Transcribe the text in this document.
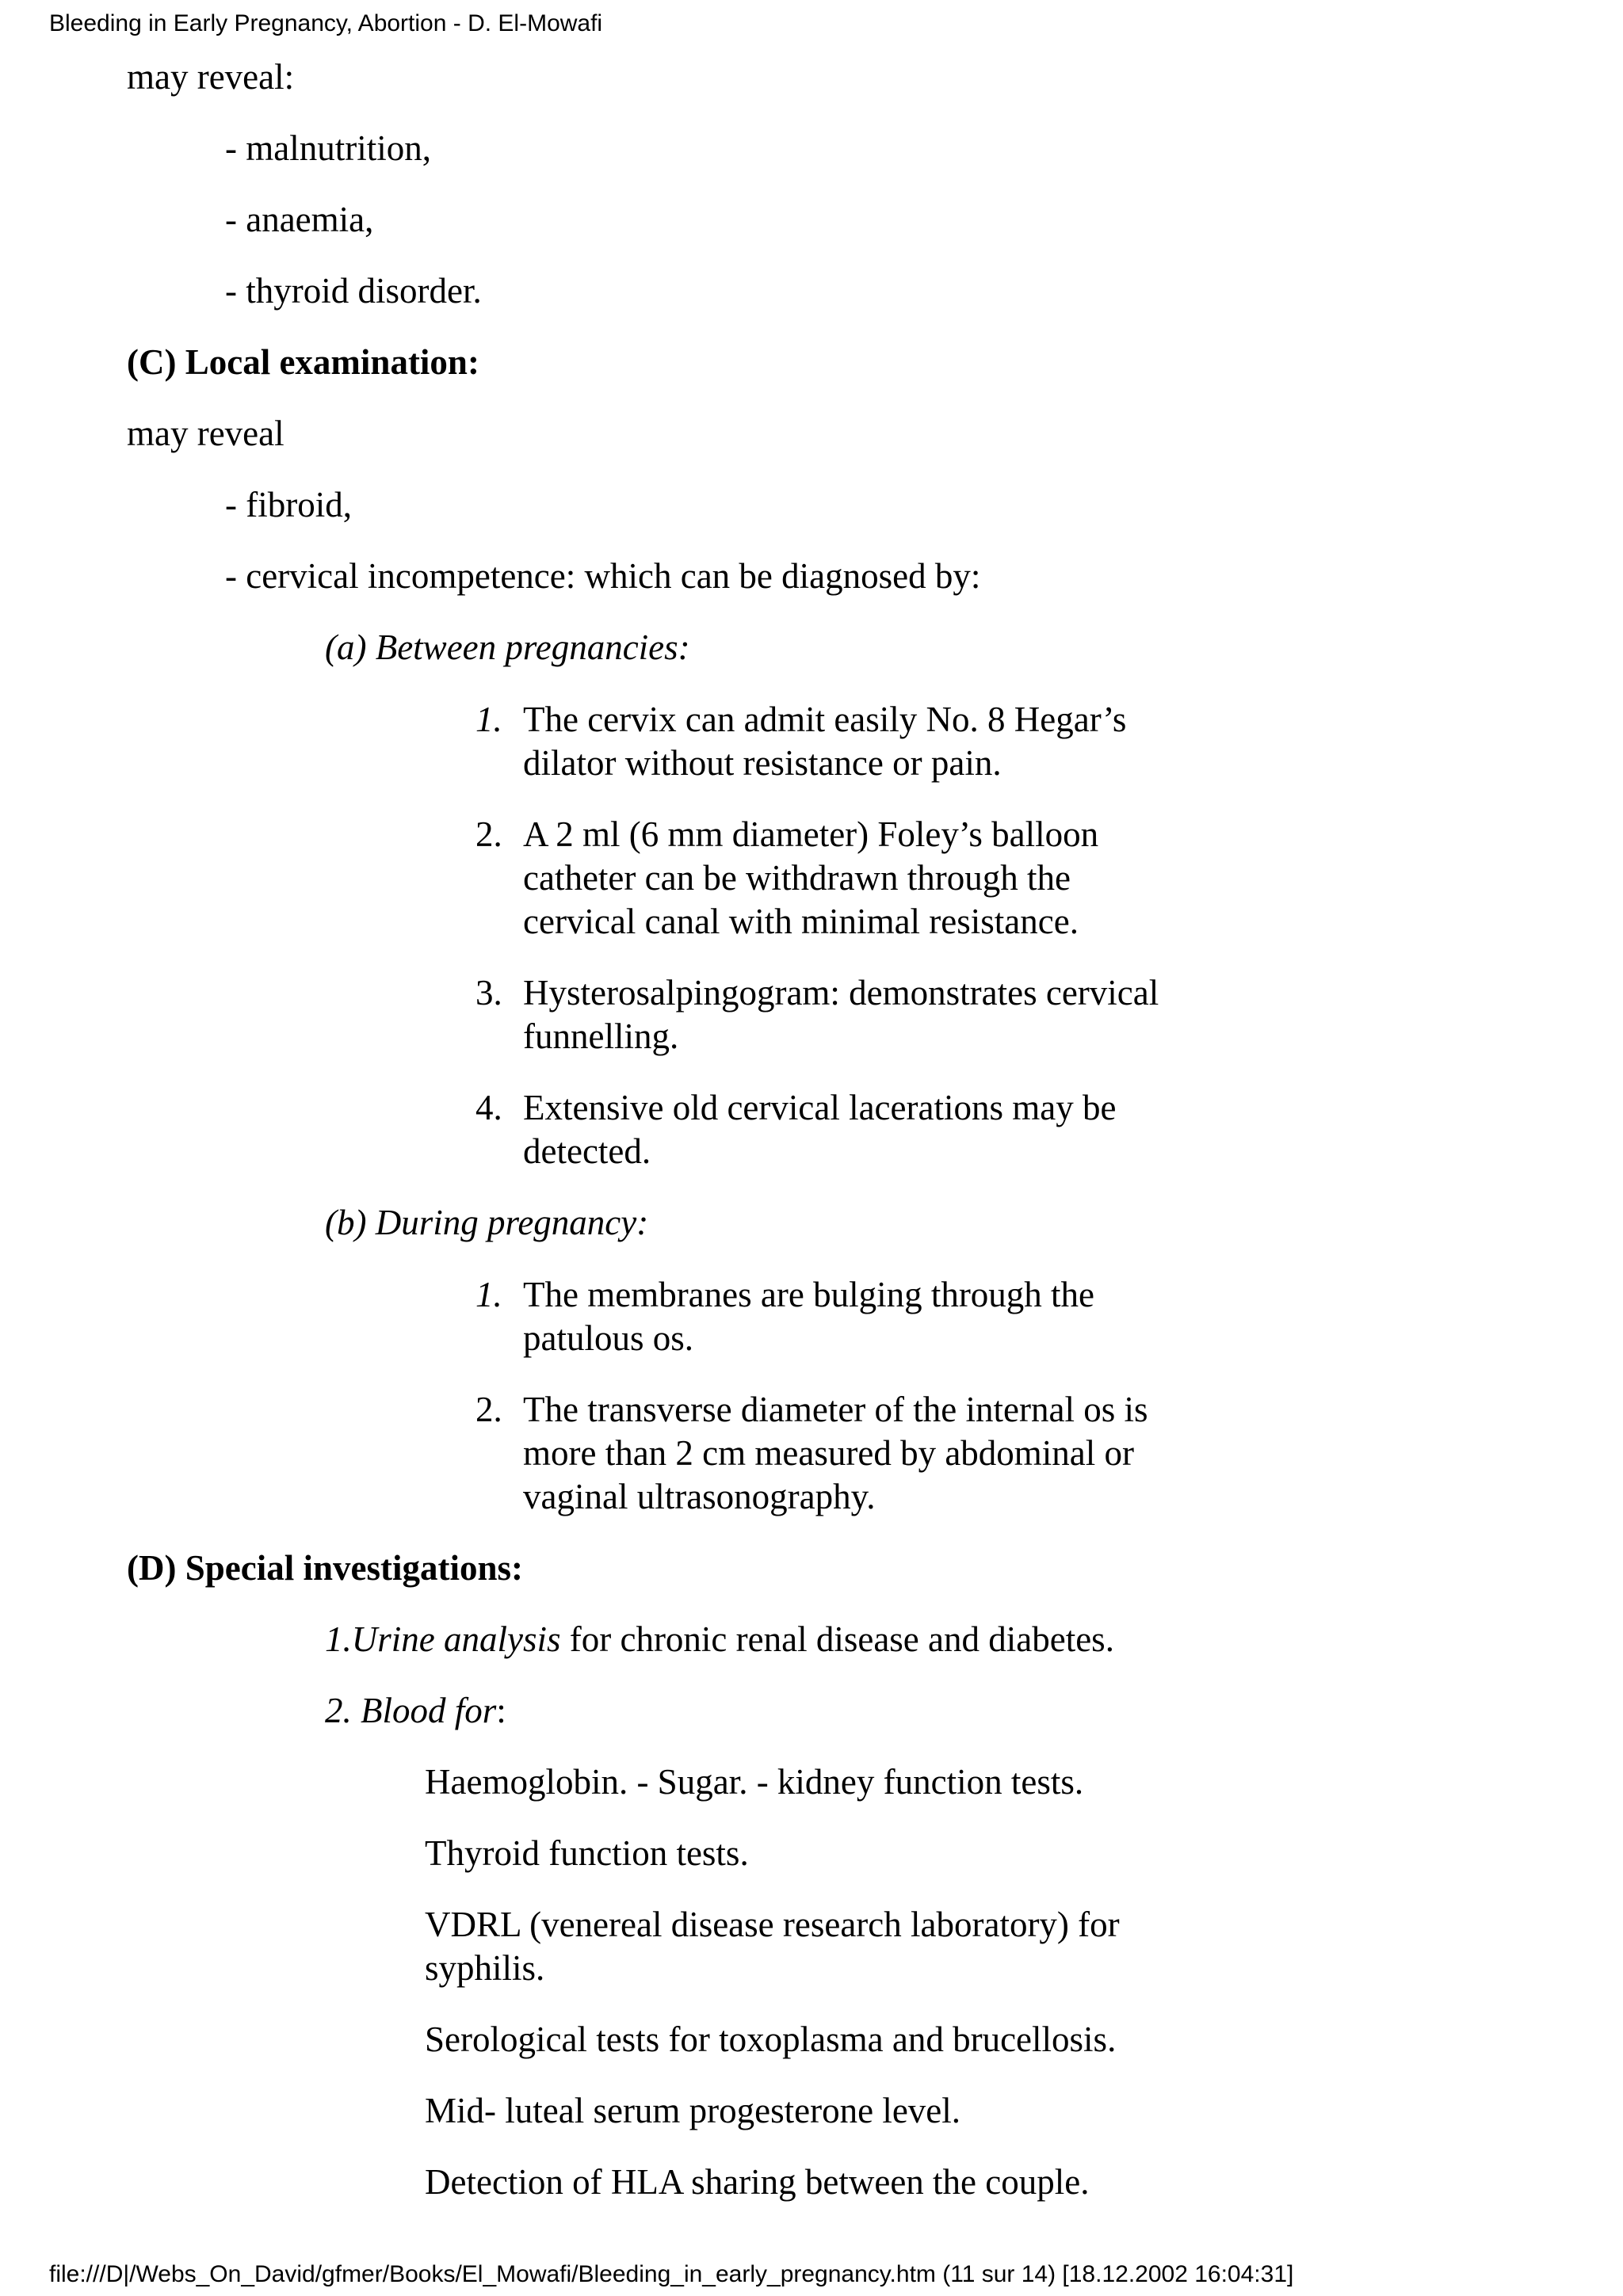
Bleeding in Early Pregnancy, Abortion - D. El-Mowafi
may reveal:
- malnutrition,
- anaemia,
- thyroid disorder.
(C) Local examination:
may reveal
- fibroid,
- cervical incompetence: which can be diagnosed by:
(a) Between pregnancies:
1. The cervix can admit easily No. 8 Hegar’s
dilator without resistance or pain.
2. A 2 ml (6 mm diameter) Foley’s balloon
catheter can be withdrawn through the
cervical canal with minimal resistance.
3. Hysterosalpingogram: demonstrates cervical
funnelling.
4. Extensive old cervical lacerations may be
detected.
(b) During pregnancy:
1. The membranes are bulging through the
patulous os.
2. The transverse diameter of the internal os is
more than 2 cm measured by abdominal or
vaginal ultrasonography.
(D) Special investigations:
1.Urine analysis for chronic renal disease and diabetes.
2. Blood for:
Haemoglobin. - Sugar. - kidney function tests.
Thyroid function tests.
VDRL (venereal disease research laboratory) for
syphilis.
Serological tests for toxoplasma and brucellosis.
Mid- luteal serum progesterone level.
Detection of HLA sharing between the couple.
file:///D|/Webs_On_David/gfmer/Books/El_Mowafi/Bleeding_in_early_pregnancy.htm (11 sur 14) [18.12.2002 16:04:31]
